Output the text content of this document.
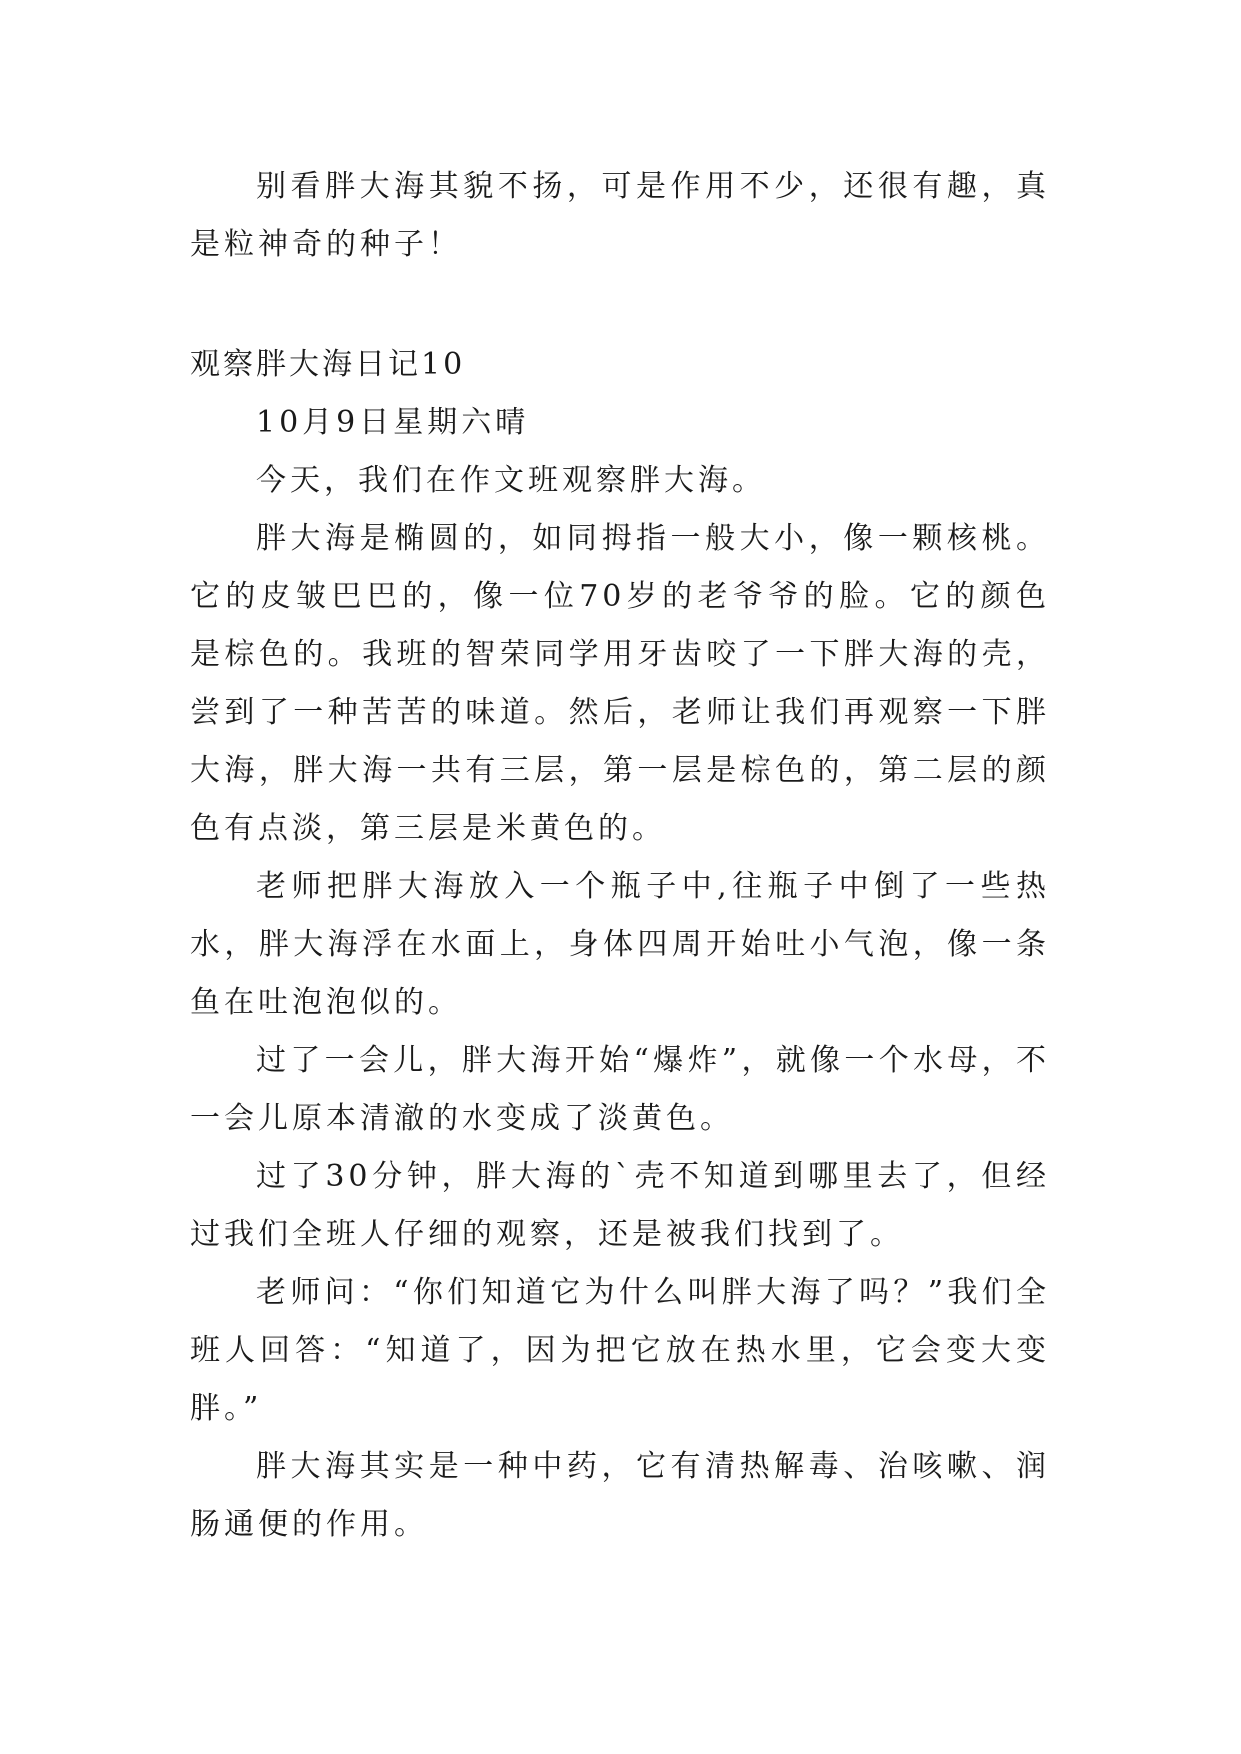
别看胖大海其貌不扬，可是作用不少，还很有趣，真是粒神奇的种子！

观察胖大海日记10

10月9日星期六晴

今天，我们在作文班观察胖大海。

胖大海是椭圆的，如同拇指一般大小，像一颗核桃。它的皮皱巴巴的，像一位70岁的老爷爷的脸。它的颜色是棕色的。我班的智荣同学用牙齿咬了一下胖大海的壳，尝到了一种苦苦的味道。然后，老师让我们再观察一下胖大海，胖大海一共有三层，第一层是棕色的，第二层的颜色有点淡，第三层是米黄色的。

老师把胖大海放入一个瓶子中,往瓶子中倒了一些热水，胖大海浮在水面上，身体四周开始吐小气泡，像一条鱼在吐泡泡似的。

过了一会儿，胖大海开始“爆炸”，就像一个水母，不一会儿原本清澈的水变成了淡黄色。

过了30分钟，胖大海的`壳不知道到哪里去了，但经过我们全班人仔细的观察，还是被我们找到了。

老师问：“你们知道它为什么叫胖大海了吗？”我们全班人回答：“知道了，因为把它放在热水里，它会变大变胖。”

胖大海其实是一种中药，它有清热解毒、治咳嗽、润肠通便的作用。
